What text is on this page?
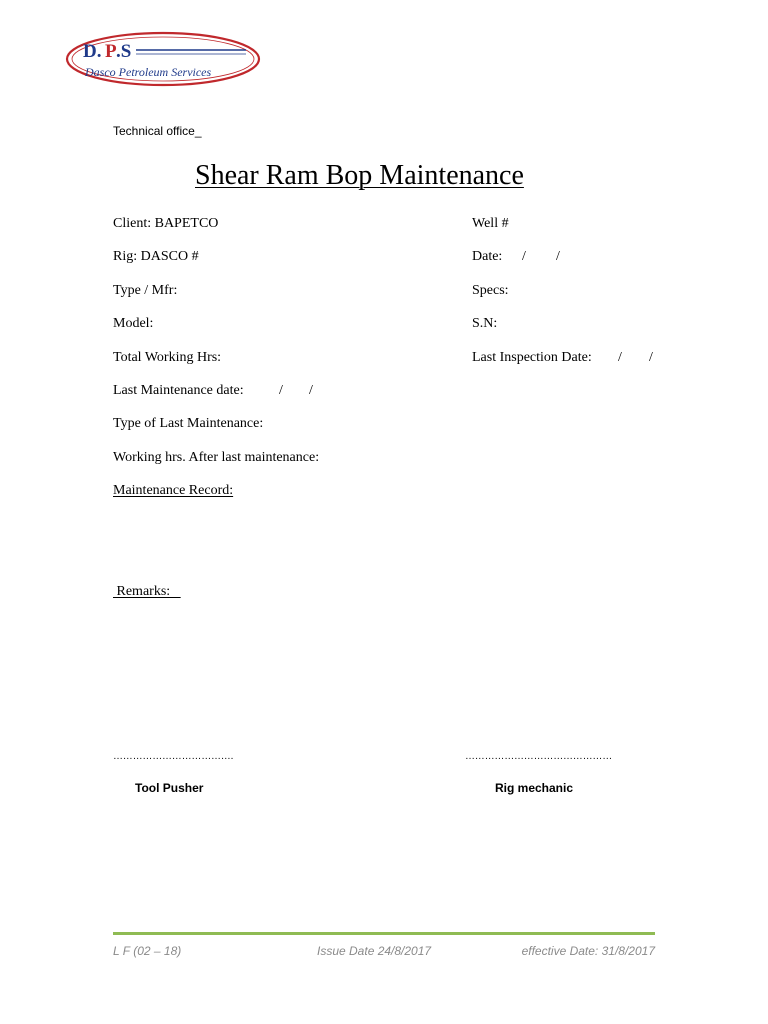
D. P .S
Dasco Petroleum Services
Technical office_
Shear Ram Bop Maintenance
Client: BAPETCO	Well #
Rig: DASCO #	Date: / /
Type / Mfr:	Specs:
Model:	S.N:
Total Working Hrs:	Last Inspection Date: / /
Last Maintenance date:	/ /
Type of Last Maintenance:
Working hrs. After last maintenance:
Maintenance Record:
Remarks:
……………………………….	………………………………………
Tool Pusher	Rig mechanic
L F (02 – 18)	Issue Date 24/8/2017	effective Date: 31/8/2017
